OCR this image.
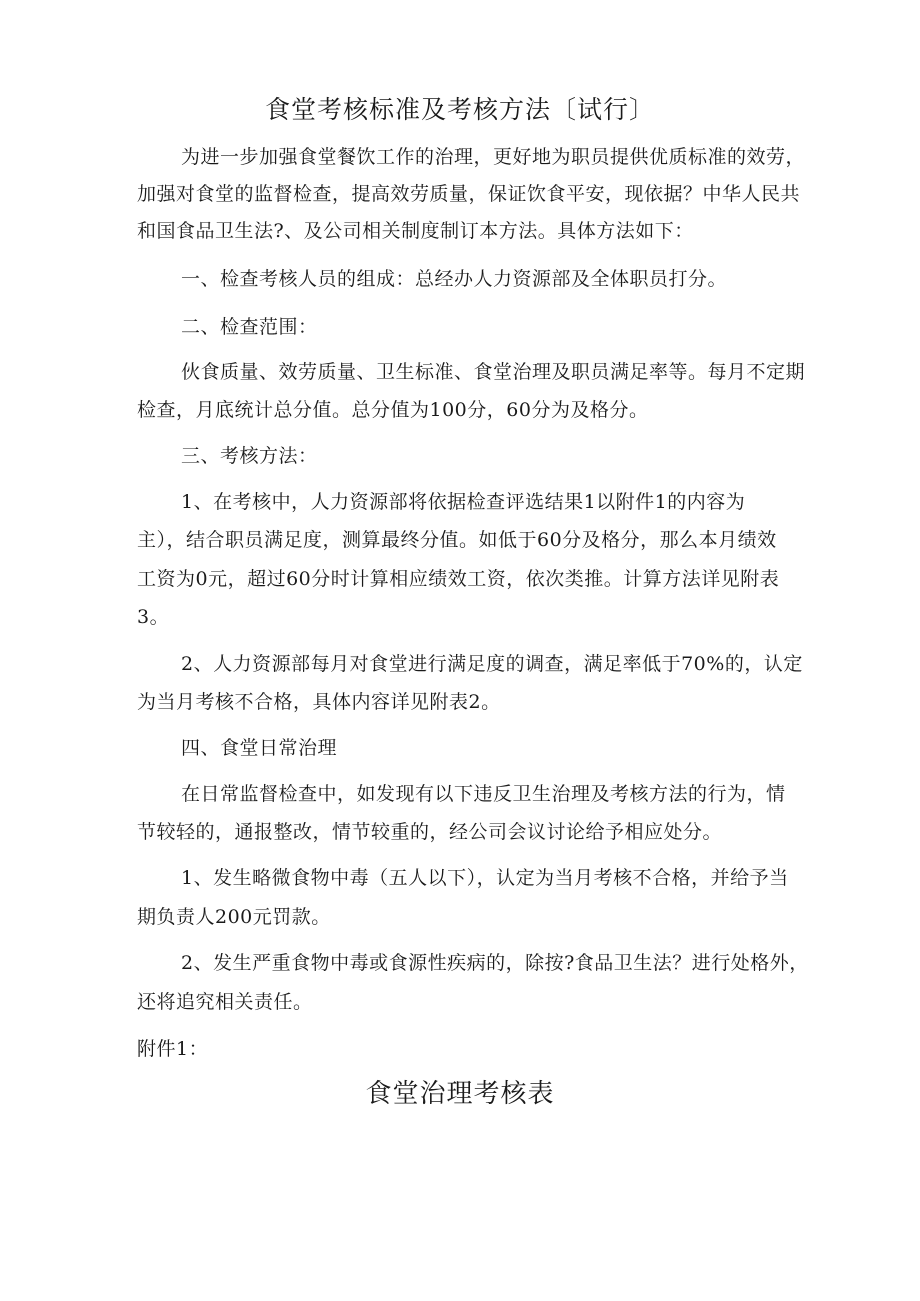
食堂考核标准及考核方法〔试行〕
为进一步加强食堂餐饮工作的治理，更好地为职员提供优质标准的效劳，
加强对食堂的监督检查，提高效劳质量，保证饮食平安，现依据？中华人民共
和国食品卫生法?、及公司相关制度制订本方法。具体方法如下：
一、检查考核人员的组成：总经办人力资源部及全体职员打分。
二、检查范围：
伙食质量、效劳质量、卫生标准、食堂治理及职员满足率等。每月不定期
检查，月底统计总分值。总分值为100分，60分为及格分。
三、考核方法：
1、在考核中，人力资源部将依据检查评选结果1以附件1的内容为
主），结合职员满足度，测算最终分值。如低于60分及格分，那么本月绩效
工资为0元，超过60分时计算相应绩效工资，依次类推。计算方法详见附表
3。
2、人力资源部每月对食堂进行满足度的调查，满足率低于70%的，认定
为当月考核不合格，具体内容详见附表2。
四、食堂日常治理
在日常监督检查中，如发现有以下违反卫生治理及考核方法的行为，情
节较轻的，通报整改，情节较重的，经公司会议讨论给予相应处分。
1、发生略微食物中毒（五人以下），认定为当月考核不合格，并给予当
期负责人200元罚款。
2、发生严重食物中毒或食源性疾病的，除按?食品卫生法？进行处格外，
还将追究相关责任。
附件1：
食堂治理考核表
